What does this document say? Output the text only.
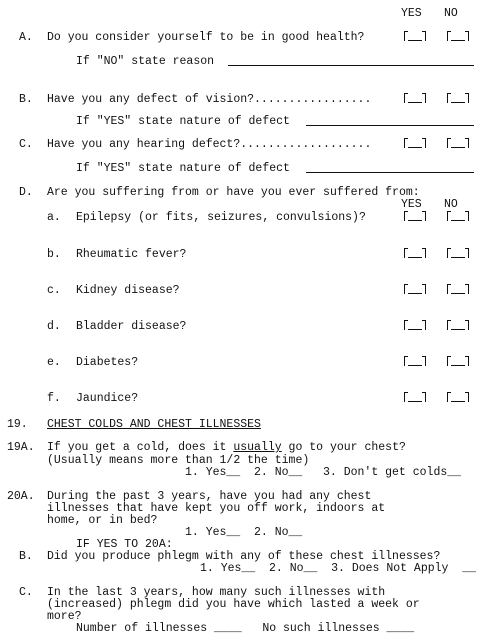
YES NO
A. Do you consider yourself to be in good health?
If "NO" state reason
B. Have you any defect of vision?.................
If "YES" state nature of defect
C. Have you any hearing defect?...................
If "YES" state nature of defect
D. Are you suffering from or have you ever suffered from:
YES NO
a. Epilepsy (or fits, seizures, convulsions)?
b. Rheumatic fever?
c. Kidney disease?
d. Bladder disease?
e. Diabetes?
f. Jaundice?
19. CHEST COLDS AND CHEST ILLNESSES
19A. If you get a cold, does it usually go to your chest?
(Usually means more than 1/2 the time)
1. Yes__  2. No__   3. Don't get colds__
20A. During the past 3 years, have you had any chest
illnesses that have kept you off work, indoors at
home, or in bed?
1. Yes__  2. No__
IF YES TO 20A:
B. Did you produce phlegm with any of these chest illnesses?
1. Yes__  2. No__  3. Does Not Apply  __
C. In the last 3 years, how many such illnesses with
(increased) phlegm did you have which lasted a week or
more?
Number of illnesses ____   No such illnesses ____
